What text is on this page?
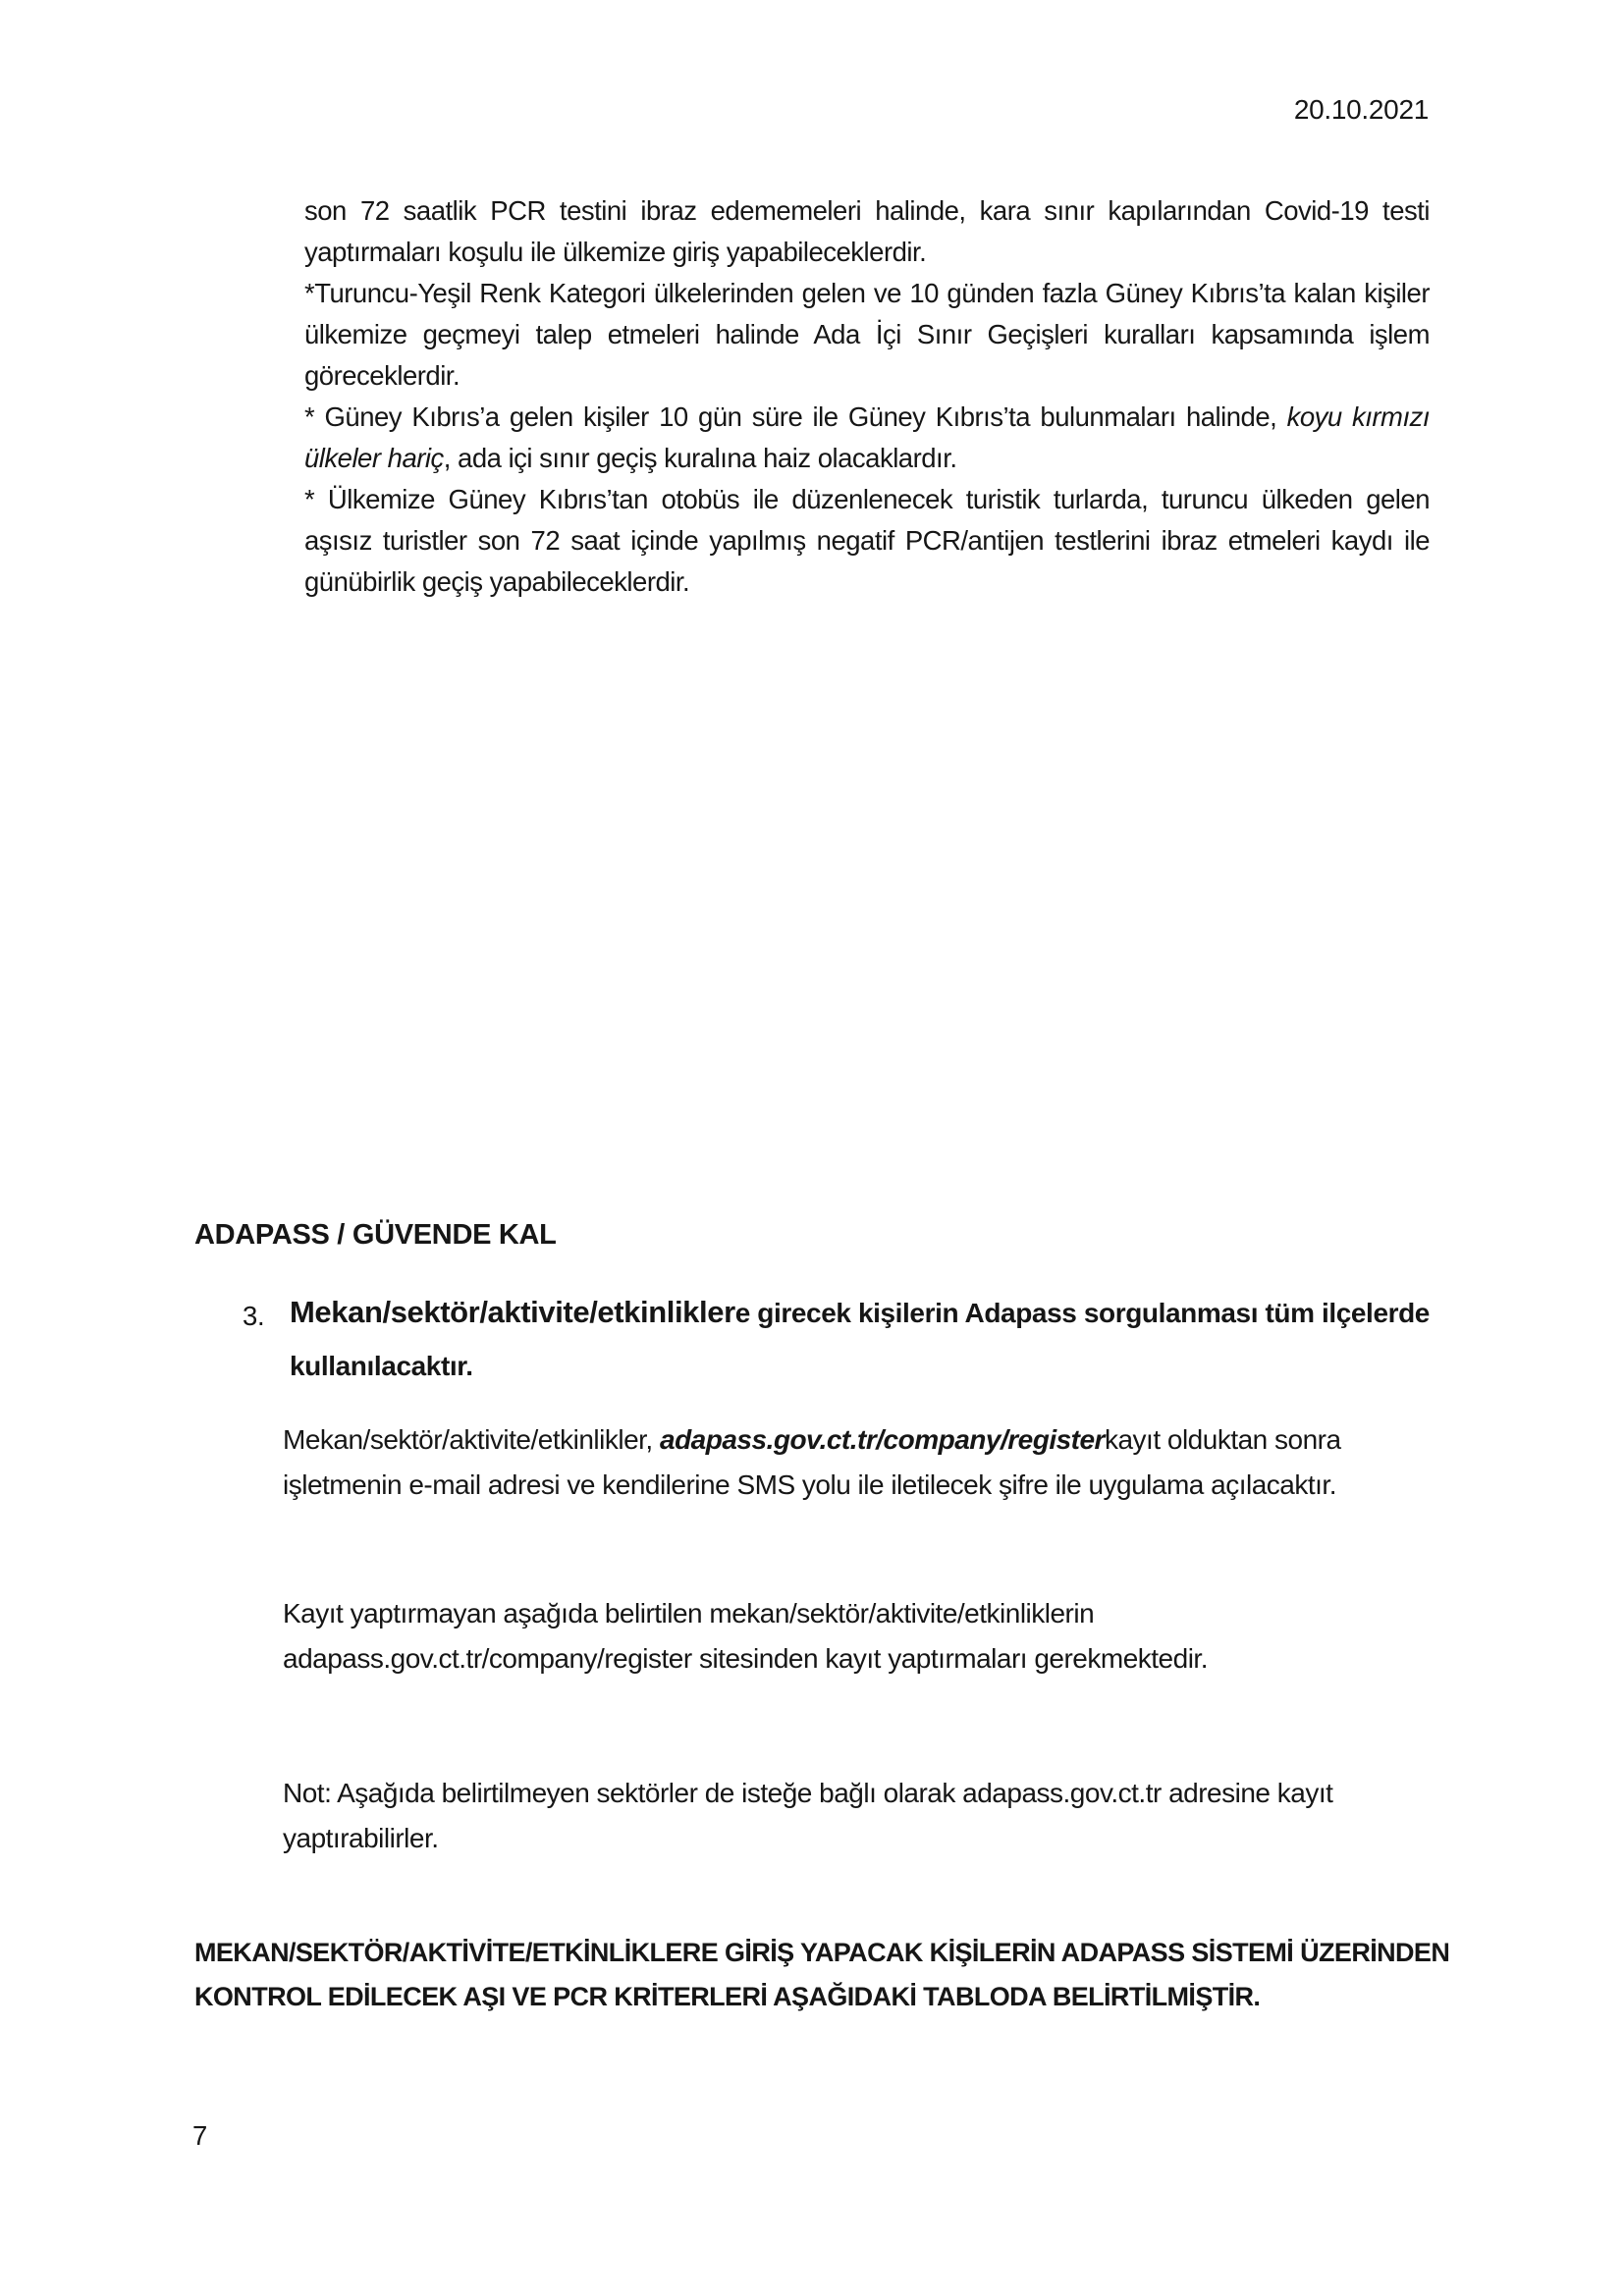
20.10.2021

son 72 saatlik PCR testini ibraz edememeleri halinde, kara sınır kapılarından Covid-19 testi yaptırmaları koşulu ile ülkemize giriş yapabileceklerdir.

*Turuncu-Yeşil Renk Kategori ülkelerinden gelen ve 10 günden fazla Güney Kıbrıs’ta kalan kişiler ülkemize geçmeyi talep etmeleri halinde Ada İçi Sınır Geçişleri kuralları kapsamında işlem göreceklerdir.

* Güney Kıbrıs’a gelen kişiler 10 gün süre ile Güney Kıbrıs’ta bulunmaları halinde, koyu kırmızı ülkeler hariç, ada içi sınır geçiş kuralına haiz olacaklardır.

* Ülkemize Güney Kıbrıs’tan otobüs ile düzenlenecek turistik turlarda, turuncu ülkeden gelen aşısız turistler son 72 saat içinde yapılmış negatif PCR/antijen testlerini ibraz etmeleri kaydı ile günübirlik geçiş yapabileceklerdir.

ADAPASS / GÜVENDE KAL
3. Mekan/sektör/aktivite/etkinliklere girecek kişilerin Adapass sorgulanması tüm ilçelerde kullanılacaktır.
Mekan/sektör/aktivite/etkinlikler, adapass.gov.ct.tr/company/registerkayıt olduktan sonra işletmenin e-mail adresi ve kendilerine SMS yolu ile iletilecek şifre ile uygulama açılacaktır.
Kayıt yaptırmayan aşağıda belirtilen mekan/sektör/aktivite/etkinliklerin adapass.gov.ct.tr/company/register sitesinden kayıt yaptırmaları gerekmektedir.
Not: Aşağıda belirtilmeyen sektörler de isteğe bağlı olarak adapass.gov.ct.tr adresine kayıt yaptırabilirler.
MEKAN/SEKTÖR/AKTİVİTE/ETKİNLİKLERE GİRİŞ YAPACAK KİŞİLERİN ADAPASS SİSTEMİ ÜZERİNDEN KONTROL EDİLECEK AŞI VE PCR KRİTERLERİ AŞAĞIDAKİ TABLODA BELİRTİLMİŞTİR.
7
